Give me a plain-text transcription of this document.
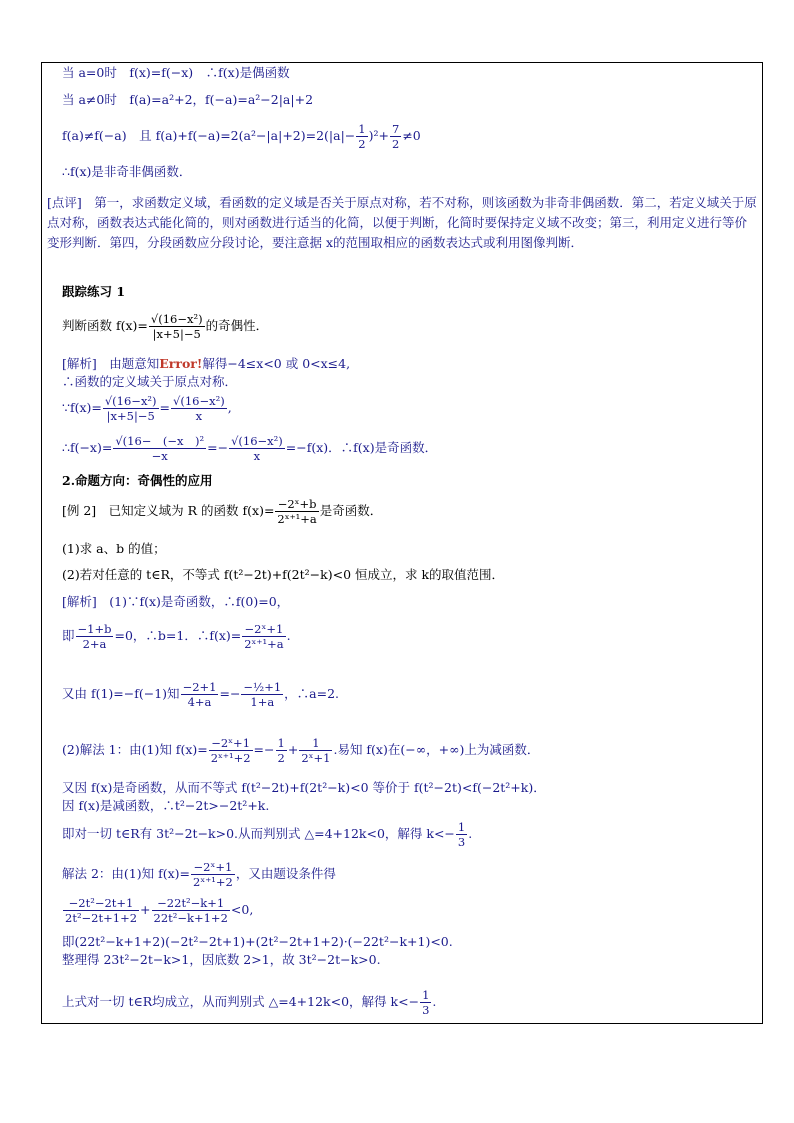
当 a=0时　f(x)=f(−x)　∴f(x)是偶函数
当 a≠0时　f(a)=a²+2，f(−a)=a²−2|a|+2
f(a)≠f(−a)　且 $f(a)+f(-a)=2(a^2-|a|+2)=2(|a|- \frac{1}{2} )^2+ \frac{7}{2} \ne 0$
∴f(x)是非奇非偶函数．
[点评]　第一，求函数定义域，看函数的定义域是否关于原点对称，若不对称，则该函数为非奇非偶函数．第二，若定义域关于原点对称，函数表达式能化简的，则对函数进行适当的化简，以便于判断，化简时要保持定义域不改变；第三，利用定义进行等价变形判断．第四，分段函数应分段讨论，要注意据 x的范围取相应的函数表达式或利用图像判断．
跟踪练习 1
判断函数 $f(x)= \frac{\text{√(16−x²)}}{|x+5|-5}$ 的奇偶性．
[解析]　由题意知Error!解得−4≤x<0 或 0<x≤4,
∴函数的定义域关于原点对称．
∵f(x)= $\frac{\text{√(16−x²)}}{|x+5|-5} = \frac{\text{√(16−x²)}}{x}$ ,
∴f(−x)= $\frac{\text{√(16−　(−x　)²}}{-x} =- \frac{\text{√(16−x²)}}{x} =-f(x)$．∴f(x)是奇函数．
2.命题方向：奇偶性的应用
[例 2]　已知定义域为 R 的函数 $f(x)= \frac{\text{−2ˣ+b}}{\text{2ˣ⁺¹+a}}$ 是奇函数．
(1)求 a、b 的值；
(2)若对任意的 t∈R，不等式 f(t²−2t)+f(2t²−k)<0 恒成立，求 k的取值范围．
[解析]　(1)∵f(x)是奇函数，∴f(0)=0，
即 $\frac{-1+b}{2+a} =0$，∴b=1．∴f(x)= $\frac{\text{−2ˣ+1}}{\text{2ˣ⁺¹+a}}$ .
又由 f(1)=−f(−1)知 $\frac{-2+1}{4+a} =- \frac{\text{−½+1}}{1+a}$ ，∴a=2.
(2)解法 1：由(1)知 $f(x)= \frac{\text{−2ˣ+1}}{\text{2ˣ⁺¹+2}} =- \frac{1}{2} + \frac{1}{\text{2ˣ+1}}$ .易知 f(x)在(−∞，+∞)上为减函数．
又因 f(x)是奇函数，从而不等式 f(t²−2t)+f(2t²−k)<0 等价于 f(t²−2t)<f(−2t²+k)．
因 f(x)是减函数，∴t²−2t>−2t²+k.
即对一切 t∈R有 3t²−2t−k>0.从而判别式 △=4+12k<0，解得 $k<- \frac{1}{3}$ .
解法 2：由(1)知 $f(x)= \frac{\text{−2ˣ+1}}{\text{2ˣ⁺¹+2}}$ ，又由题设条件得
$\frac{\text{−2t²−2t+1}}{\text{2t²−2t+1+2}} + \frac{\text{−22t²−k+1}}{\text{22t²−k+1+2}} <0$,
即(22t²−k+1+2)(−2t²−2t+1)+(2t²−2t+1+2)·(−22t²−k+1)<0.
整理得 23t²−2t−k>1，因底数 2>1，故 3t²−2t−k>0.
上式对一切 t∈R均成立，从而判别式 △=4+12k<0，解得 $k<- \frac{1}{3}$ .
